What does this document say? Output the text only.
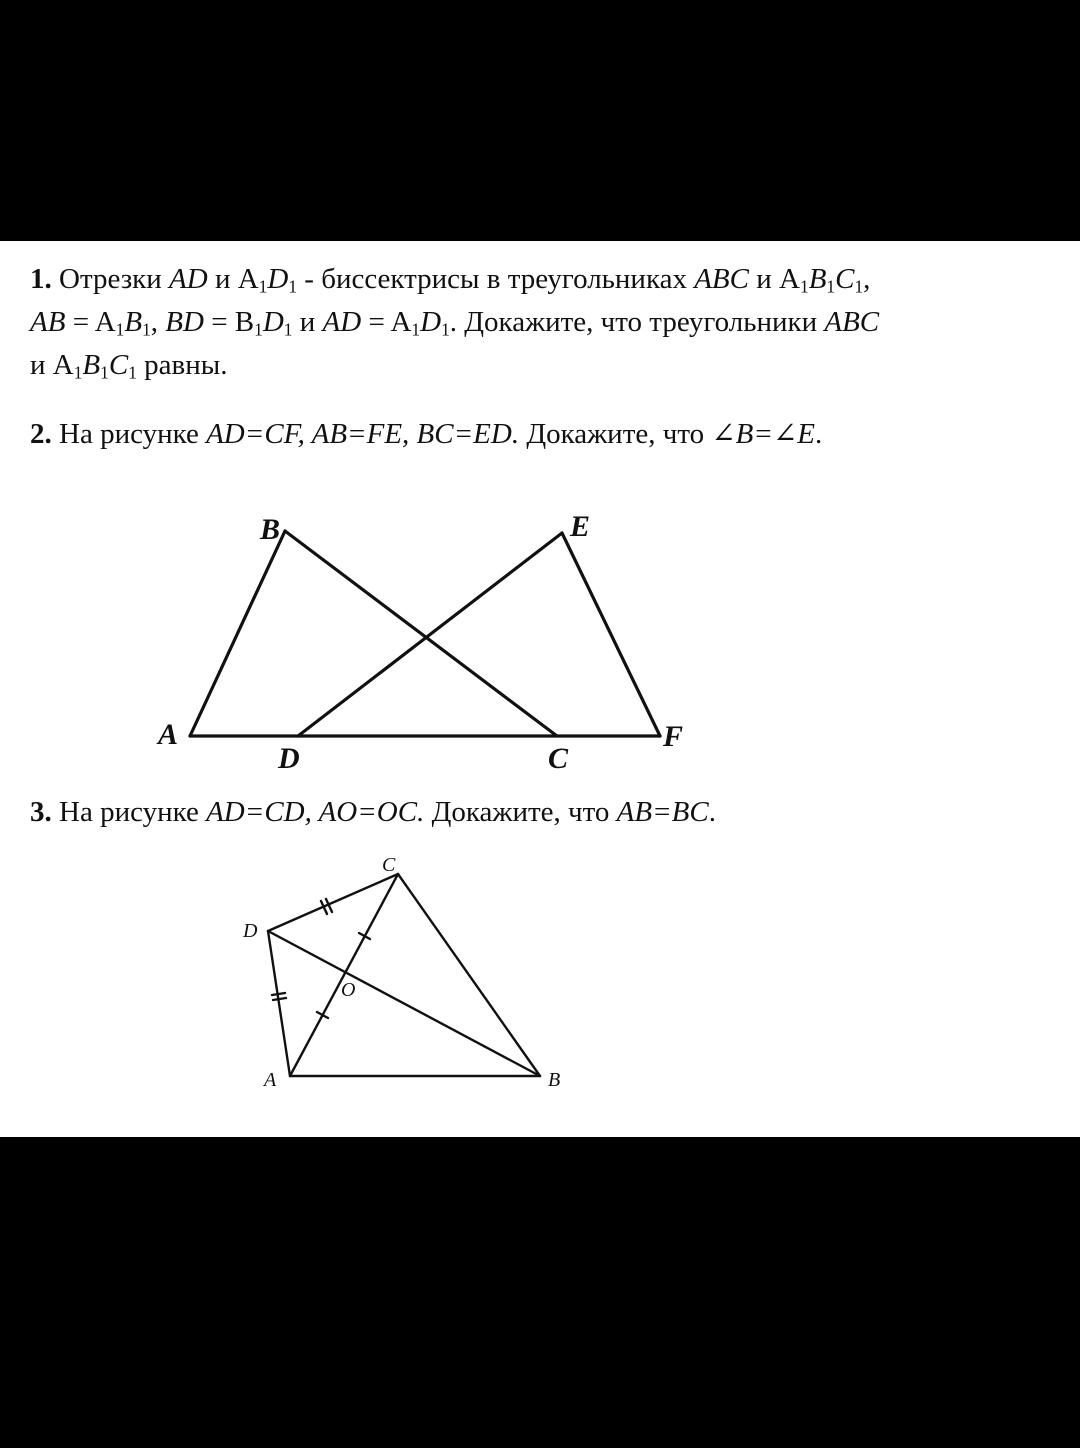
1. Отрезки AD и $A_1D_1$ - биссектрисы в треугольниках ABC и $A_1B_1C_1$,
AB = $A_1B_1$, BD = $B_1D_1$ и AD = $A_1D_1$. Докажите, что треугольники ABC
и $A_1B_1C_1$ равны.

2. На рисунке AD=CF, AB=FE, BC=ED. Докажите, что ∠B=∠E.

3. На рисунке AD=CD, AO=OC. Докажите, что AB=BC.

A
B
C
D
E
F
A	B
C
D
O
